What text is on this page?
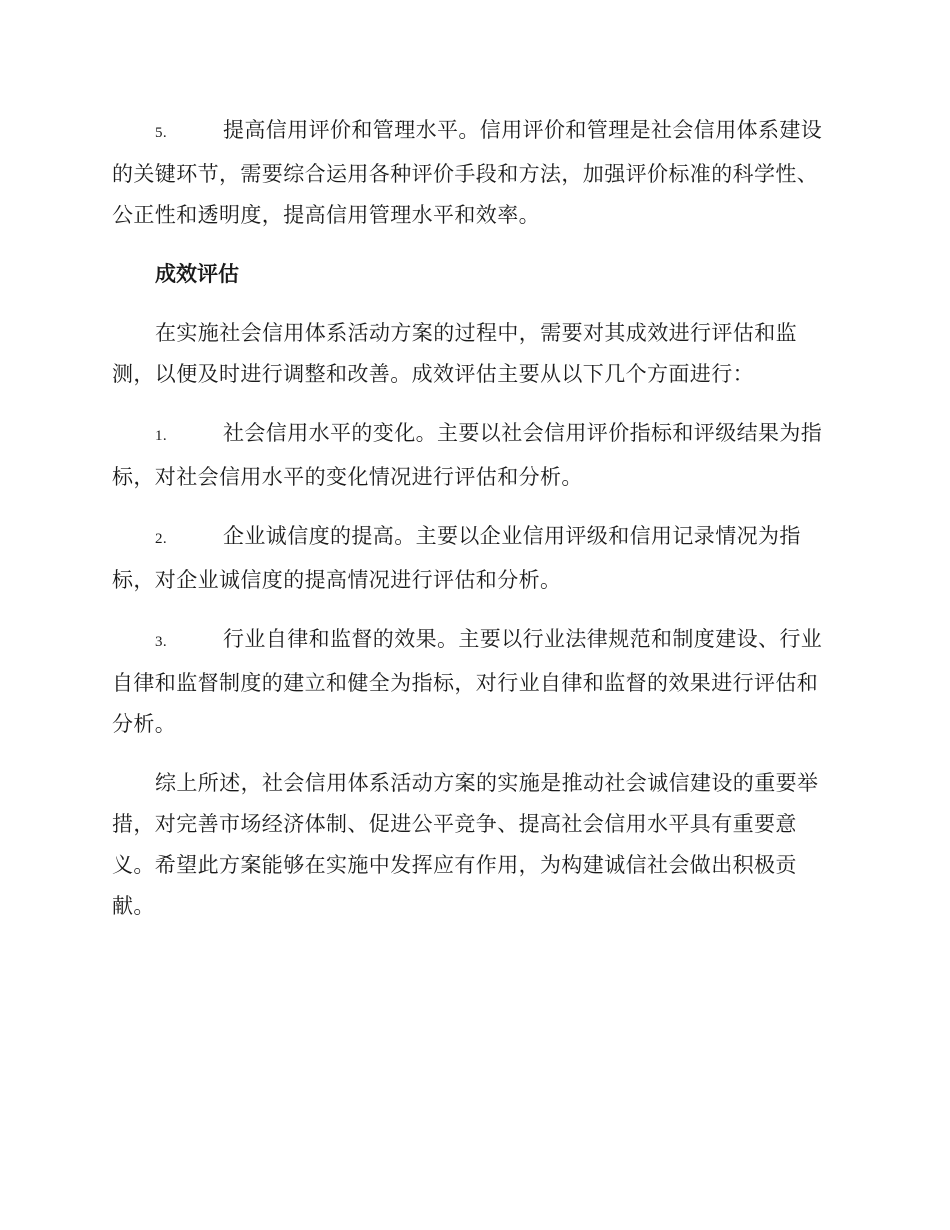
5.	提高信用评价和管理水平。信用评价和管理是社会信用体系建设的关键环节，需要综合运用各种评价手段和方法，加强评价标准的科学性、公正性和透明度，提高信用管理水平和效率。

成效评估

在实施社会信用体系活动方案的过程中，需要对其成效进行评估和监测，以便及时进行调整和改善。成效评估主要从以下几个方面进行：

1.	社会信用水平的变化。主要以社会信用评价指标和评级结果为指标，对社会信用水平的变化情况进行评估和分析。

2.	企业诚信度的提高。主要以企业信用评级和信用记录情况为指标，对企业诚信度的提高情况进行评估和分析。

3.	行业自律和监督的效果。主要以行业法律规范和制度建设、行业自律和监督制度的建立和健全为指标，对行业自律和监督的效果进行评估和分析。

综上所述，社会信用体系活动方案的实施是推动社会诚信建设的重要举措，对完善市场经济体制、促进公平竞争、提高社会信用水平具有重要意义。希望此方案能够在实施中发挥应有作用，为构建诚信社会做出积极贡献。
